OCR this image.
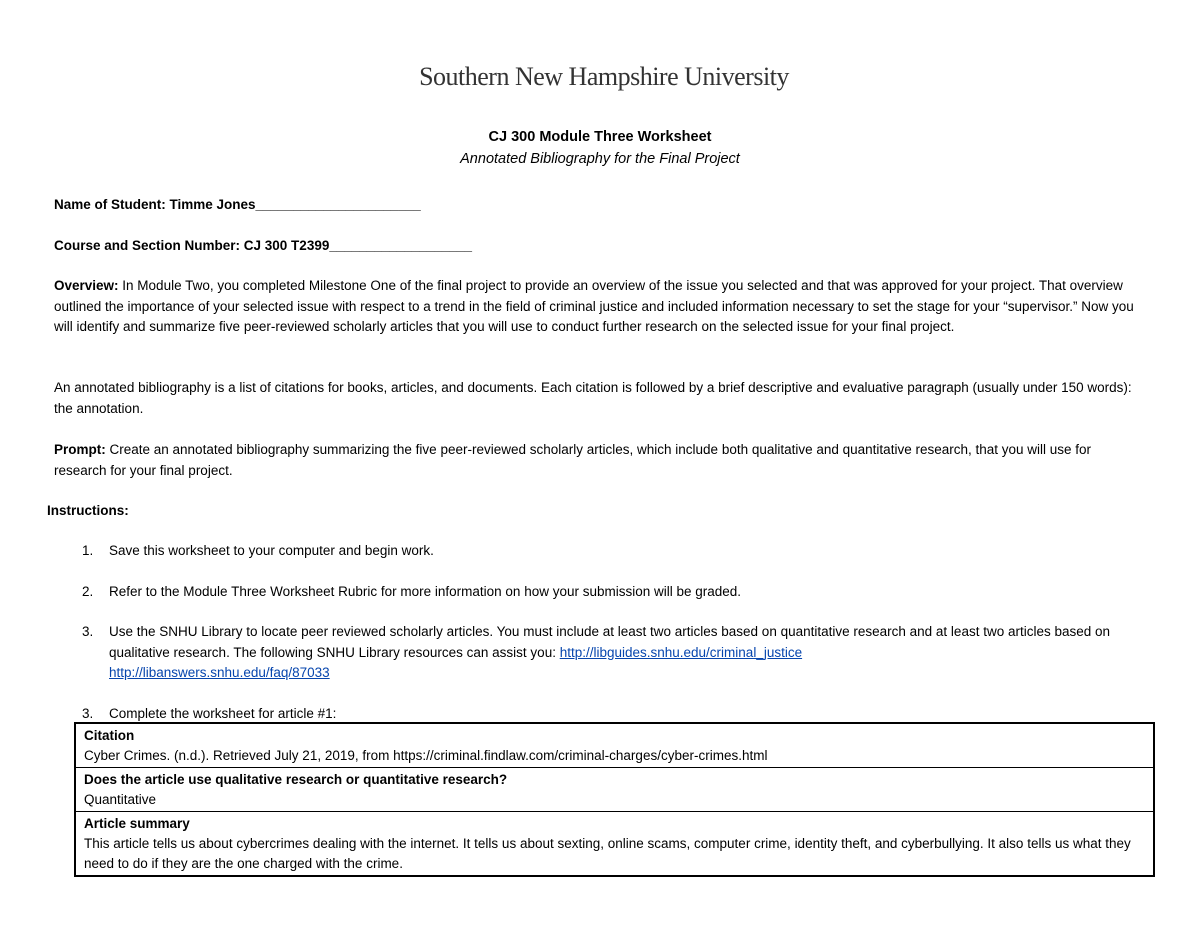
Southern New Hampshire University
CJ 300 Module Three Worksheet
Annotated Bibliography for the Final Project
Name of Student: Timme Jones______________________
Course and Section Number: CJ 300 T2399___________________
Overview: In Module Two, you completed Milestone One of the final project to provide an overview of the issue you selected and that was approved for your project. That overview outlined the importance of your selected issue with respect to a trend in the field of criminal justice and included information necessary to set the stage for your “supervisor.” Now you will identify and summarize five peer-reviewed scholarly articles that you will use to conduct further research on the selected issue for your final project.
An annotated bibliography is a list of citations for books, articles, and documents. Each citation is followed by a brief descriptive and evaluative paragraph (usually under 150 words): the annotation.
Prompt: Create an annotated bibliography summarizing the five peer-reviewed scholarly articles, which include both qualitative and quantitative research, that you will use for research for your final project.
Instructions:
1.	Save this worksheet to your computer and begin work.
2.	Refer to the Module Three Worksheet Rubric for more information on how your submission will be graded.
3.	Use the SNHU Library to locate peer reviewed scholarly articles. You must include at least two articles based on quantitative research and at least two articles based on qualitative research. The following SNHU Library resources can assist you: http://libguides.snhu.edu/criminal_justice
http://libanswers.snhu.edu/faq/87033
3.	Complete the worksheet for article #1:
Citation
Cyber Crimes. (n.d.). Retrieved July 21, 2019, from https://criminal.findlaw.com/criminal-charges/cyber-crimes.html
Does the article use qualitative research or quantitative research?
Quantitative
Article summary
This article tells us about cybercrimes dealing with the internet. It tells us about sexting, online scams, computer crime, identity theft, and cyberbullying. It also tells us what they need to do if they are the one charged with the crime.
